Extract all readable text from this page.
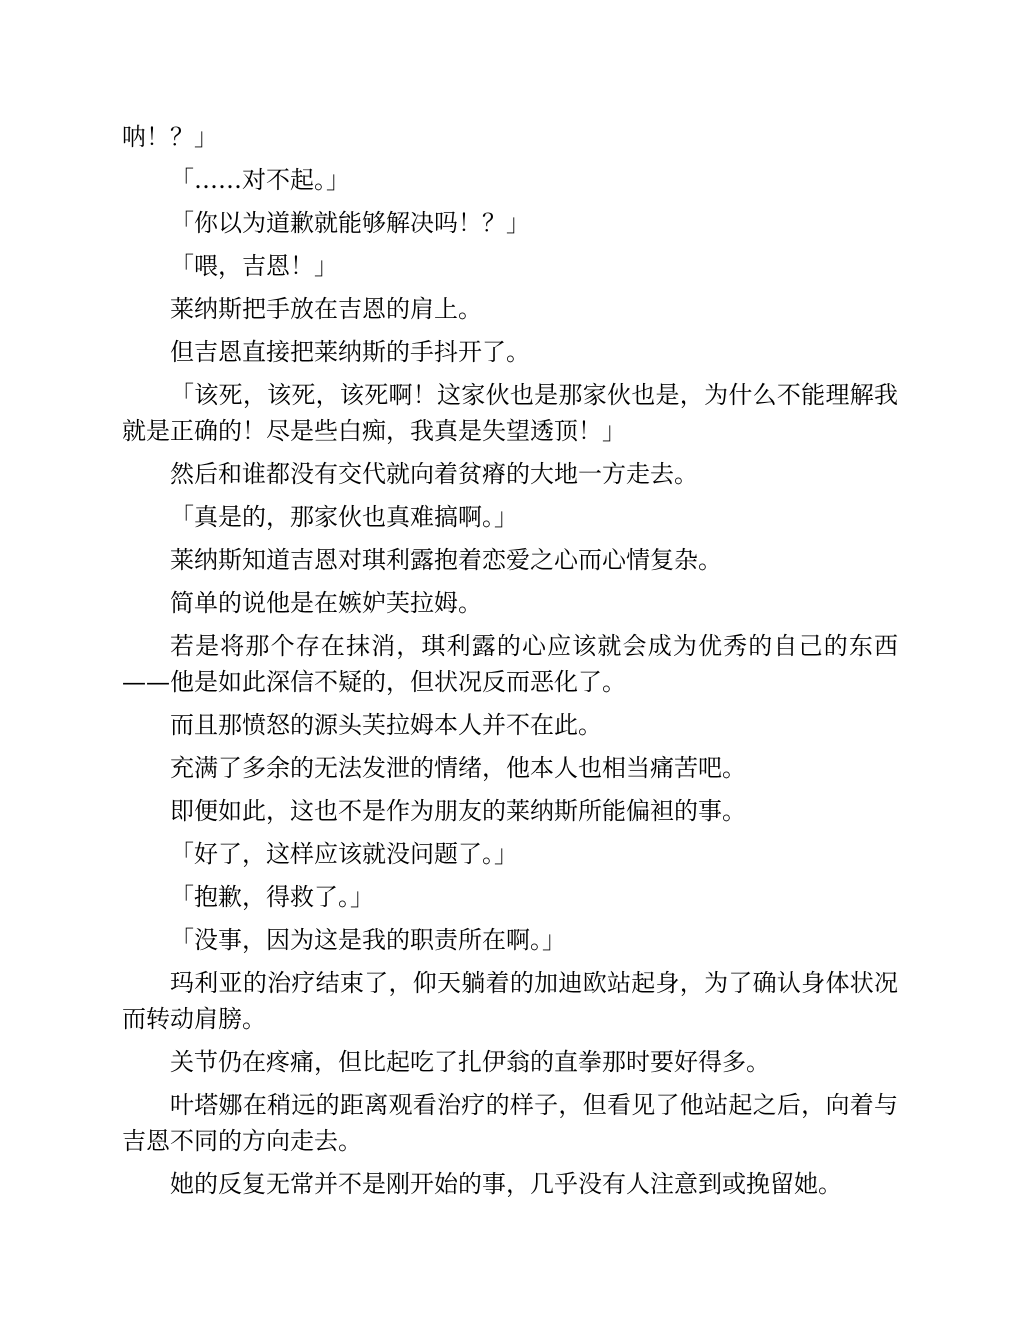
呐！？」

「……对不起。」

「你以为道歉就能够解决吗！？」

「喂，吉恩！」

莱纳斯把手放在吉恩的肩上。

但吉恩直接把莱纳斯的手抖开了。

「该死，该死，该死啊！这家伙也是那家伙也是，为什么不能理解我就是正确的！尽是些白痴，我真是失望透顶！」

然后和谁都没有交代就向着贫瘠的大地一方走去。

「真是的，那家伙也真难搞啊。」

莱纳斯知道吉恩对琪利露抱着恋爱之心而心情复杂。

简单的说他是在嫉妒芙拉姆。

若是将那个存在抹消，琪利露的心应该就会成为优秀的自己的东西——他是如此深信不疑的，但状况反而恶化了。

而且那愤怒的源头芙拉姆本人并不在此。

充满了多余的无法发泄的情绪，他本人也相当痛苦吧。

即便如此，这也不是作为朋友的莱纳斯所能偏袒的事。

「好了，这样应该就没问题了。」

「抱歉，得救了。」

「没事，因为这是我的职责所在啊。」

玛利亚的治疗结束了，仰天躺着的加迪欧站起身，为了确认身体状况而转动肩膀。

关节仍在疼痛，但比起吃了扎伊翁的直拳那时要好得多。

叶塔娜在稍远的距离观看治疗的样子，但看见了他站起之后，向着与吉恩不同的方向走去。

她的反复无常并不是刚开始的事，几乎没有人注意到或挽留她。
